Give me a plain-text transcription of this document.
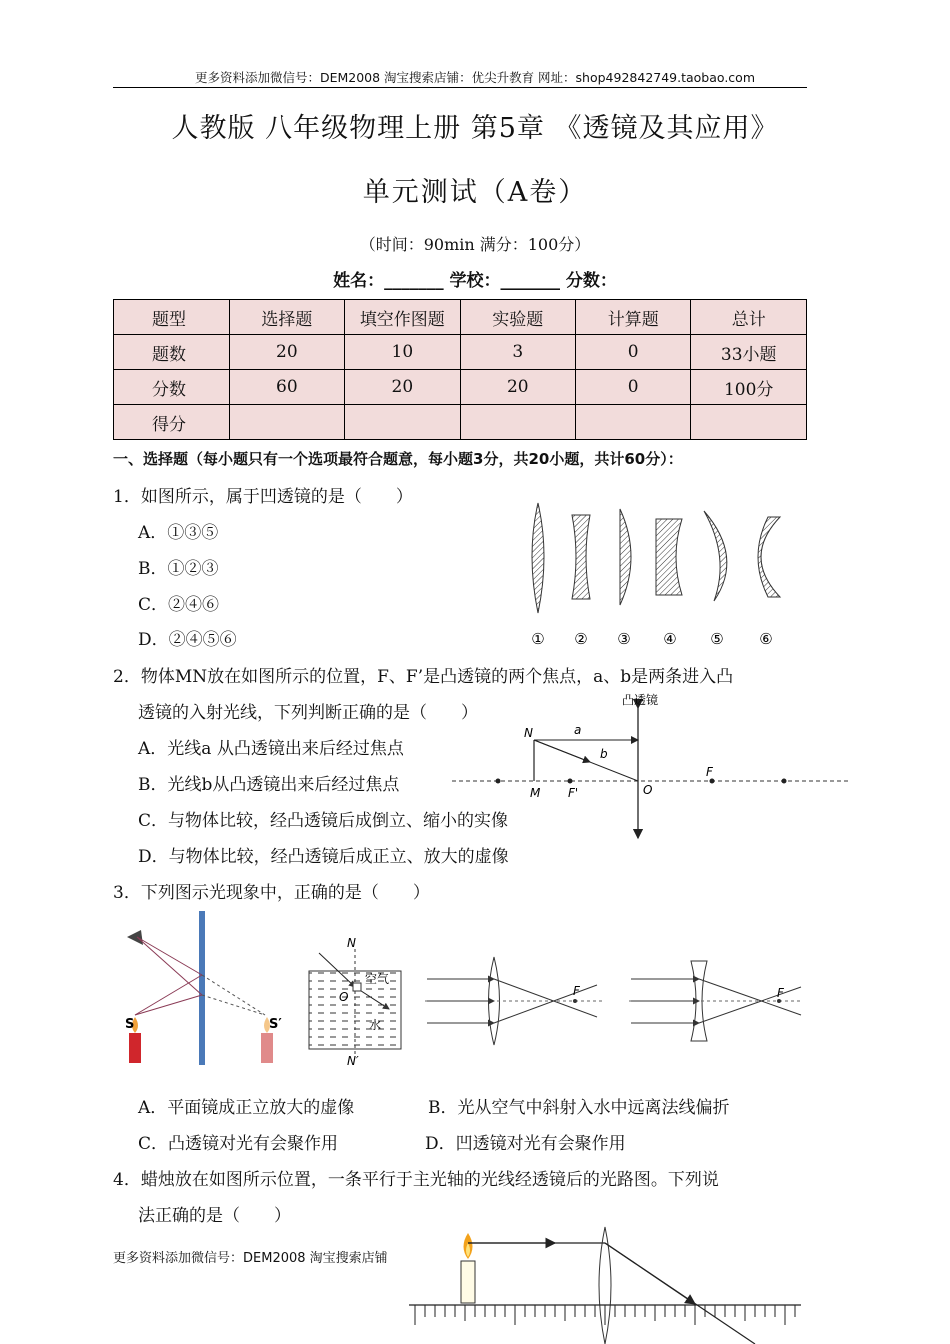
更多资料添加微信号：DEM2008 淘宝搜索店铺：优尖升教育 网址：shop492842749.taobao.com
人教版 八年级物理上册 第5章 《透镜及其应用》
单元测试（A卷）
（时间：90min 满分：100分）
姓名：_______ 学校：_______ 分数：
题型	选择题	填空作图题	实验题	计算题	总计
题数	20	10	3	0	33小题
分数	60	20	20	0	100分
得分					
一、选择题（每小题只有一个选项最符合题意，每小题3分，共20小题，共计60分）：
1．如图所示，属于凹透镜的是（　　）
A．①③⑤
B．①②③
C．②④⑥
D．②④⑤⑥	① ② ③ ④ ⑤ ⑥
2．物体MN放在如图所示的位置，F、F’是凸透镜的两个焦点，a、b是两条进入凸
透镜的入射光线，下列判断正确的是（　　）
A．光线a 从凸透镜出来后经过焦点
B．光线b从凸透镜出来后经过焦点
C．与物体比较，经凸透镜后成倒立、缩小的实像
D．与物体比较，经凸透镜后成正立、放大的虚像
凸透镜
N
M
a
b
F'	O
F
3．下列图示光现象中，正确的是（　　）
S	S′
N
N′
O
空气
水
F	F
A．平面镜成正立放大的虚像	B．光从空气中斜射入水中远离法线偏折
C．凸透镜对光有会聚作用	D．凹透镜对光有会聚作用
4．蜡烛放在如图所示位置，一条平行于主光轴的光线经透镜后的光路图。下列说
法正确的是（　　）
更多资料添加微信号：DEM2008 淘宝搜索店铺
